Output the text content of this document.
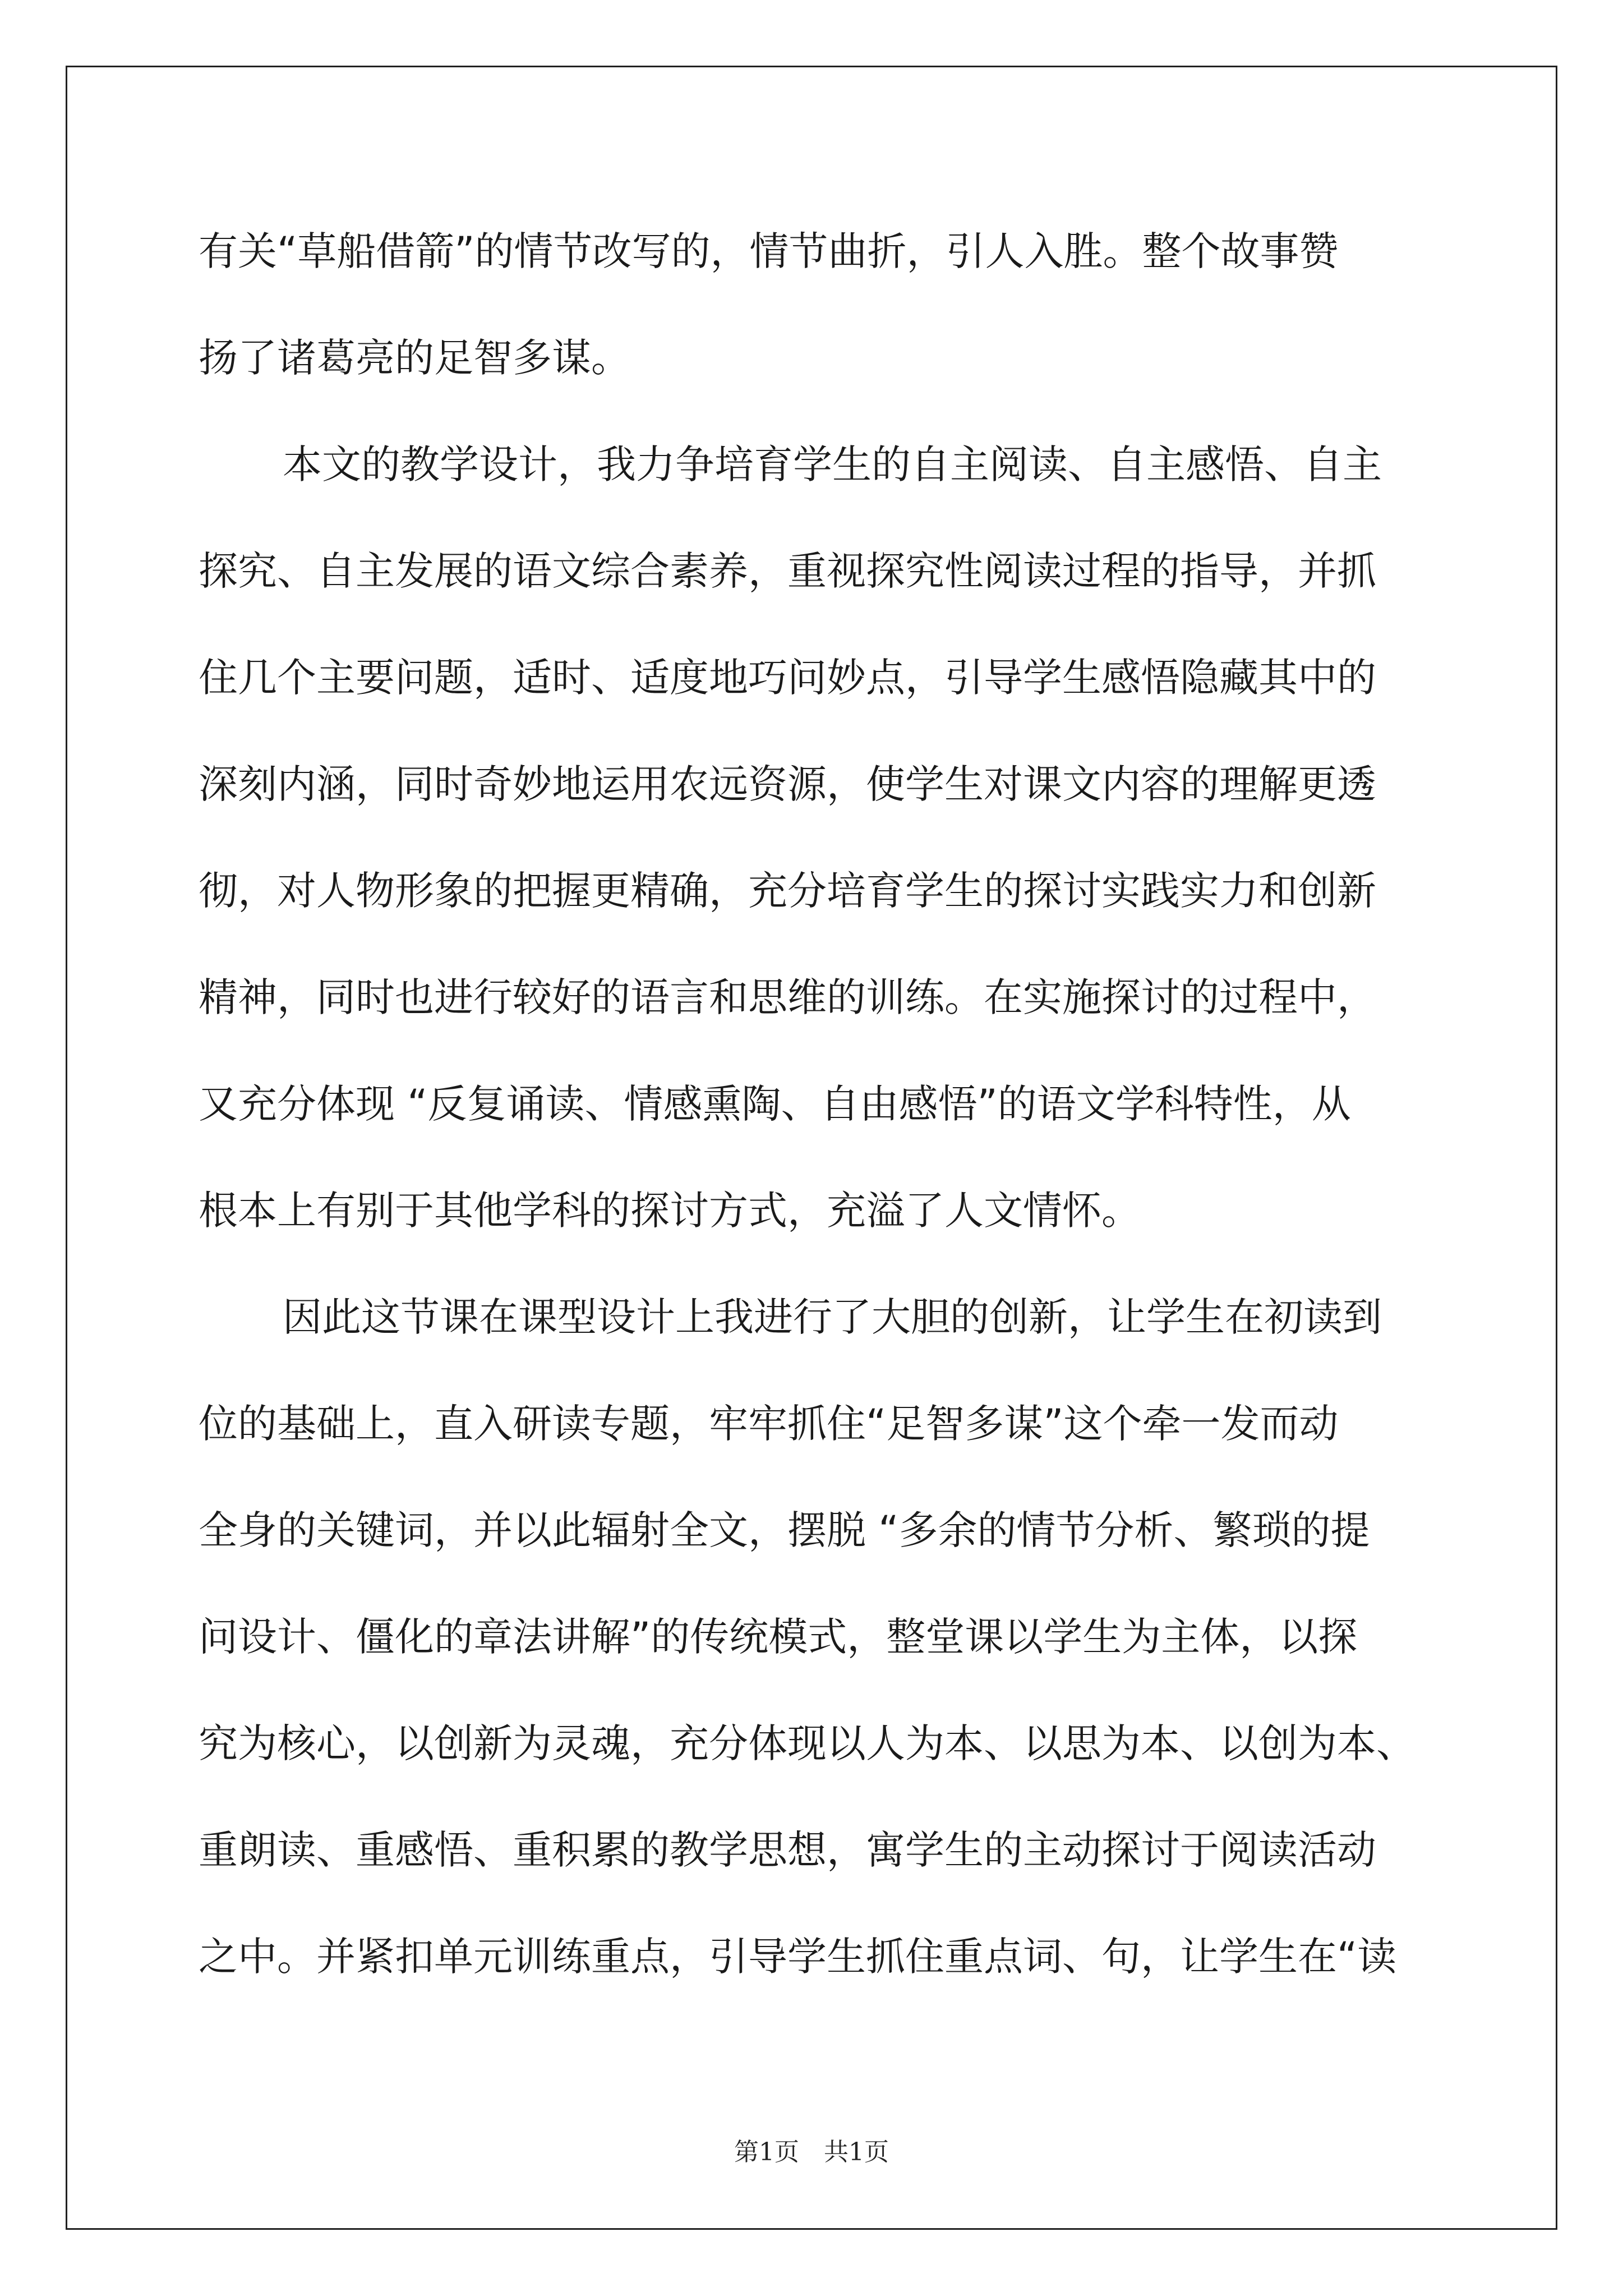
有关“草船借箭”的情节改写的，情节曲折，引人入胜。整个故事赞
扬了诸葛亮的足智多谋。
本文的教学设计，我力争培育学生的自主阅读、自主感悟、自主
探究、自主发展的语文综合素养，重视探究性阅读过程的指导，并抓
住几个主要问题，适时、适度地巧问妙点，引导学生感悟隐藏其中的
深刻内涵，同时奇妙地运用农远资源，使学生对课文内容的理解更透
彻，对人物形象的把握更精确，充分培育学生的探讨实践实力和创新
精神，同时也进行较好的语言和思维的训练。在实施探讨的过程中，
又充分体现 “反复诵读、情感熏陶、自由感悟”的语文学科特性，从
根本上有别于其他学科的探讨方式，充溢了人文情怀。
因此这节课在课型设计上我进行了大胆的创新，让学生在初读到
位的基础上，直入研读专题，牢牢抓住“足智多谋”这个牵一发而动
全身的关键词，并以此辐射全文，摆脱 “多余的情节分析、繁琐的提
问设计、僵化的章法讲解”的传统模式，整堂课以学生为主体，以探
究为核心，以创新为灵魂，充分体现以人为本、以思为本、以创为本、
重朗读、重感悟、重积累的教学思想，寓学生的主动探讨于阅读活动
之中。并紧扣单元训练重点，引导学生抓住重点词、句，让学生在“读
第1页　共1页
